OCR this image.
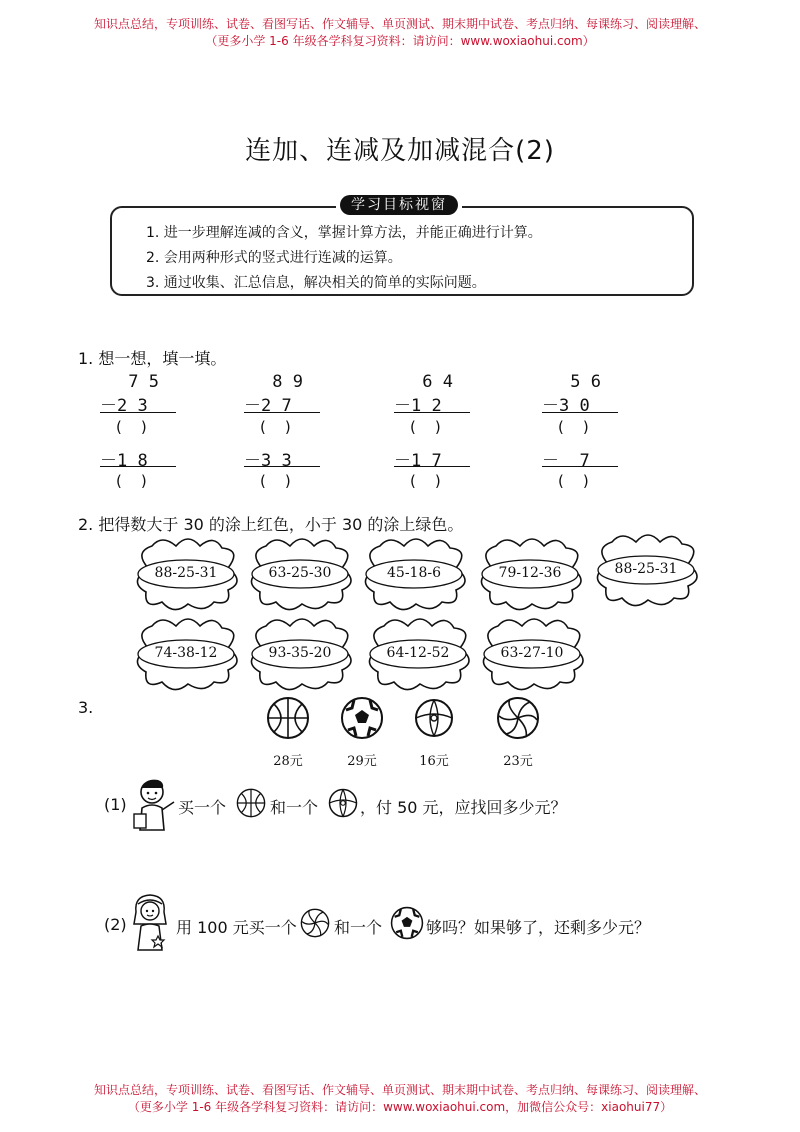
知识点总结，专项训练、试卷、看图写话、作文辅导、单页测试、期末期中试卷、考点归纳、每课练习、阅读理解、
（更多小学 1-6 年级各学科复习资料：请访问：www.woxiaohui.com）
连加、连减及加减混合(2)
学习目标视窗
1. 进一步理解连减的含义，掌握计算方法，并能正确进行计算。
2. 会用两种形式的竖式进行连减的运算。
3. 通过收集、汇总信息，解决相关的简单的实际问题。
1. 想一想，填一填。
7 5
－2 3
(    )
－1 8
(    )
8 9
－2 7
(    )
－3 3
(    )
6 4
－1 2
(    )
－1 7
(    )
5 6
－3 0
(    )
－  7
(    )
2. 把得数大于 30 的涂上红色，小于 30 的涂上绿色。
88-25-31	63-25-30	45-18-6	79-12-36	88-25-31
74-38-12	93-35-20	64-12-52	63-27-10
3.
28元	29元	16元	23元
(1)	买一个	和一个	，付 50 元，应找回多少元？
(2)	用 100 元买一个 和一个	够吗？如果够了，还剩多少元？
知识点总结，专项训练、试卷、看图写话、作文辅导、单页测试、期末期中试卷、考点归纳、每课练习、阅读理解、
（更多小学 1-6 年级各学科复习资料：请访问：www.woxiaohui.com，加微信公众号：xiaohui77）
